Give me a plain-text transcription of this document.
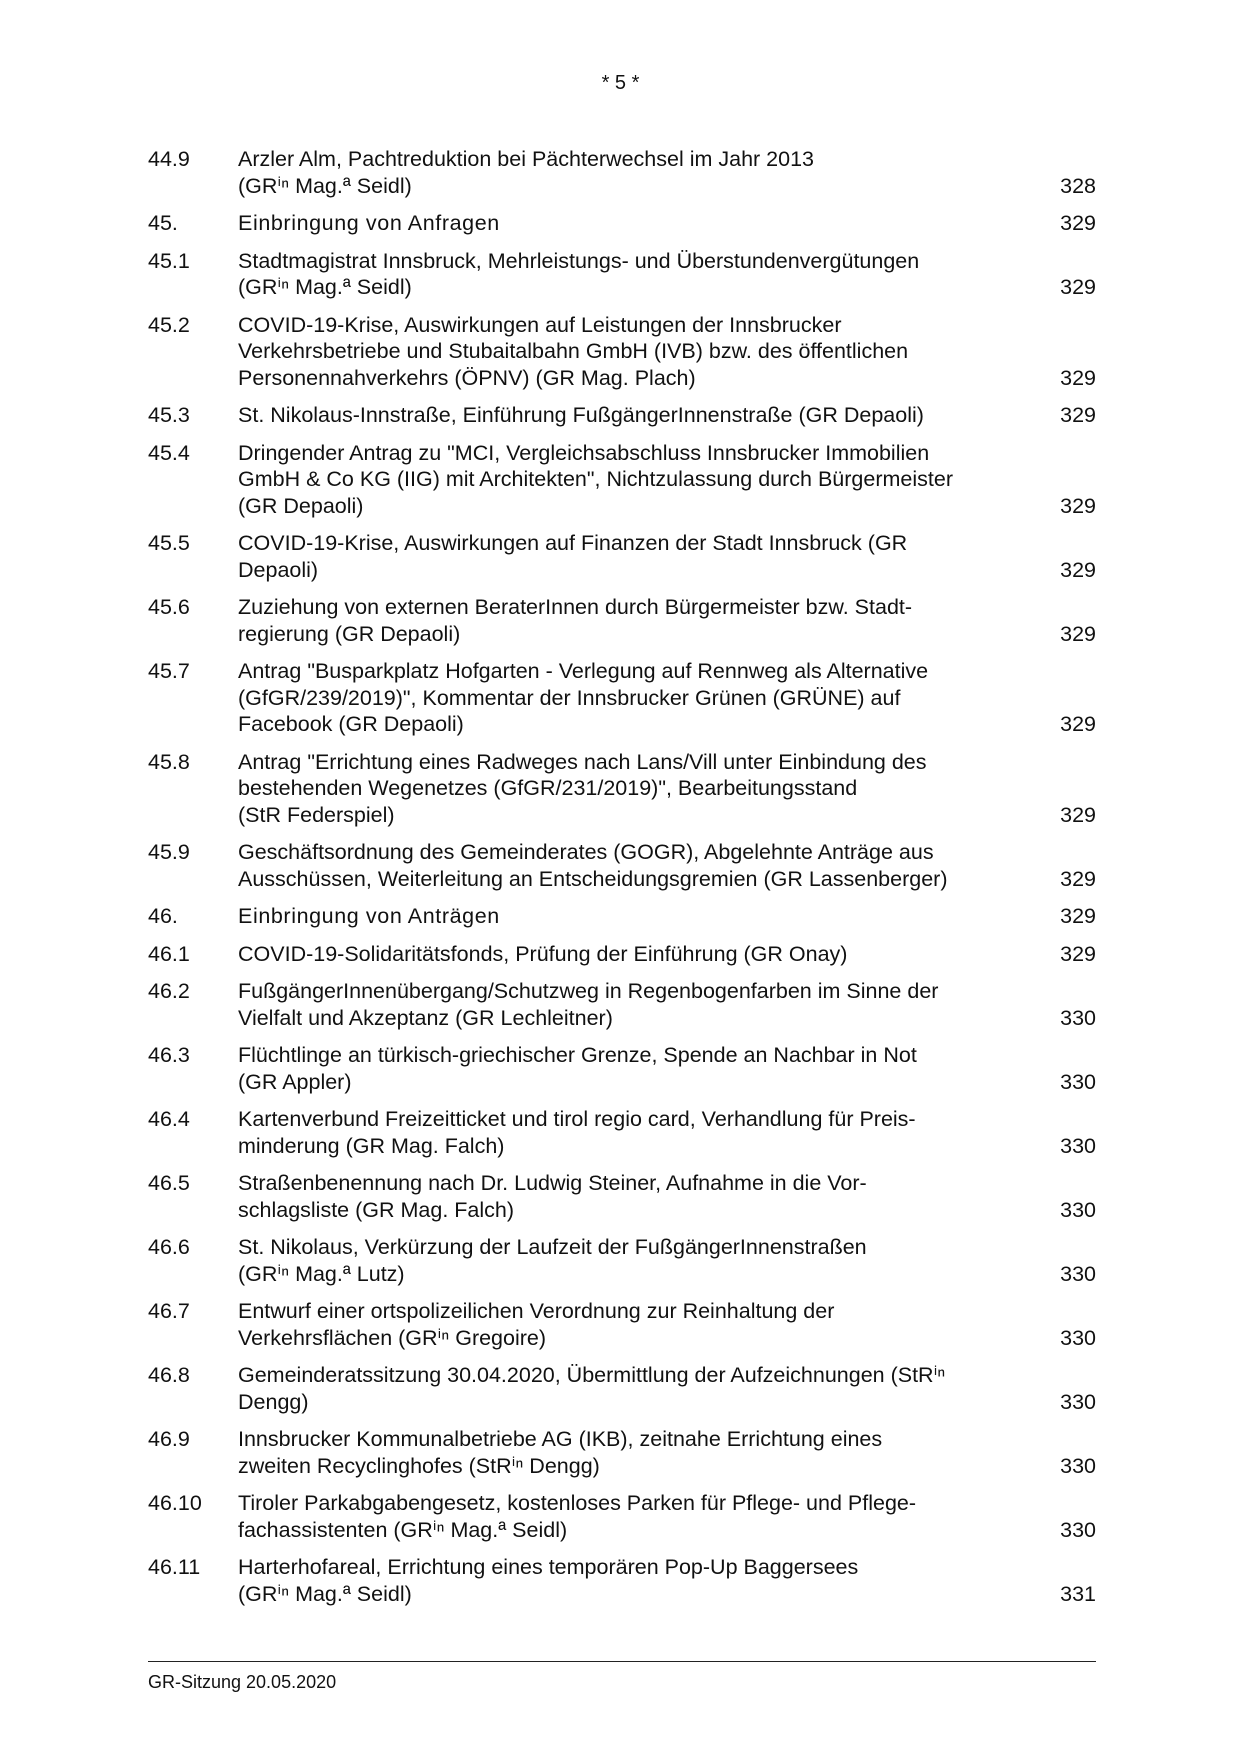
* 5 *
44.9	Arzler Alm, Pachtreduktion bei Pächterwechsel im Jahr 2013
(GRⁱⁿ Mag.ª Seidl)	328
45.	Einbringung von Anfragen	329
45.1	Stadtmagistrat Innsbruck, Mehrleistungs- und Überstundenvergütungen
(GRⁱⁿ Mag.ª Seidl)	329
45.2	COVID-19-Krise, Auswirkungen auf Leistungen der Innsbrucker
Verkehrsbetriebe und Stubaitalbahn GmbH (IVB) bzw. des öffentlichen
Personennahverkehrs (ÖPNV) (GR Mag. Plach)	329
45.3	St. Nikolaus-Innstraße, Einführung FußgängerInnenstraße (GR Depaoli)	329
45.4	Dringender Antrag zu "MCI, Vergleichsabschluss Innsbrucker Immobilien
GmbH & Co KG (IIG) mit Architekten", Nichtzulassung durch Bürgermeister
(GR Depaoli)	329
45.5	COVID-19-Krise, Auswirkungen auf Finanzen der Stadt Innsbruck (GR
Depaoli)	329
45.6	Zuziehung von externen BeraterInnen durch Bürgermeister bzw. Stadt-
regierung (GR Depaoli)	329
45.7	Antrag "Busparkplatz Hofgarten - Verlegung auf Rennweg als Alternative
(GfGR/239/2019)", Kommentar der Innsbrucker Grünen (GRÜNE) auf
Facebook (GR Depaoli)	329
45.8	Antrag "Errichtung eines Radweges nach Lans/Vill unter Einbindung des
bestehenden Wegenetzes (GfGR/231/2019)", Bearbeitungsstand
(StR Federspiel)	329
45.9	Geschäftsordnung des Gemeinderates (GOGR), Abgelehnte Anträge aus
Ausschüssen, Weiterleitung an Entscheidungsgremien (GR Lassenberger)	329
46.	Einbringung von Anträgen	329
46.1	COVID-19-Solidaritätsfonds, Prüfung der Einführung (GR Onay)	329
46.2	FußgängerInnenübergang/Schutzweg in Regenbogenfarben im Sinne der
Vielfalt und Akzeptanz (GR Lechleitner)	330
46.3	Flüchtlinge an türkisch-griechischer Grenze, Spende an Nachbar in Not
(GR Appler)	330
46.4	Kartenverbund Freizeitticket und tirol regio card, Verhandlung für Preis-
minderung (GR Mag. Falch)	330
46.5	Straßenbenennung nach Dr. Ludwig Steiner, Aufnahme in die Vor-
schlagsliste (GR Mag. Falch)	330
46.6	St. Nikolaus, Verkürzung der Laufzeit der FußgängerInnenstraßen
(GRⁱⁿ Mag.ª Lutz)	330
46.7	Entwurf einer ortspolizeilichen Verordnung zur Reinhaltung der
Verkehrsflächen (GRⁱⁿ Gregoire)	330
46.8	Gemeinderatssitzung 30.04.2020, Übermittlung der Aufzeichnungen (StRⁱⁿ
Dengg)	330
46.9	Innsbrucker Kommunalbetriebe AG (IKB), zeitnahe Errichtung eines
zweiten Recyclinghofes (StRⁱⁿ Dengg)	330
46.10	Tiroler Parkabgabengesetz, kostenloses Parken für Pflege- und Pflege-
fachassistenten (GRⁱⁿ Mag.ª Seidl)	330
46.11	Harterhofareal, Errichtung eines temporären Pop-Up Baggersees
(GRⁱⁿ Mag.ª Seidl)	331
GR-Sitzung 20.05.2020
